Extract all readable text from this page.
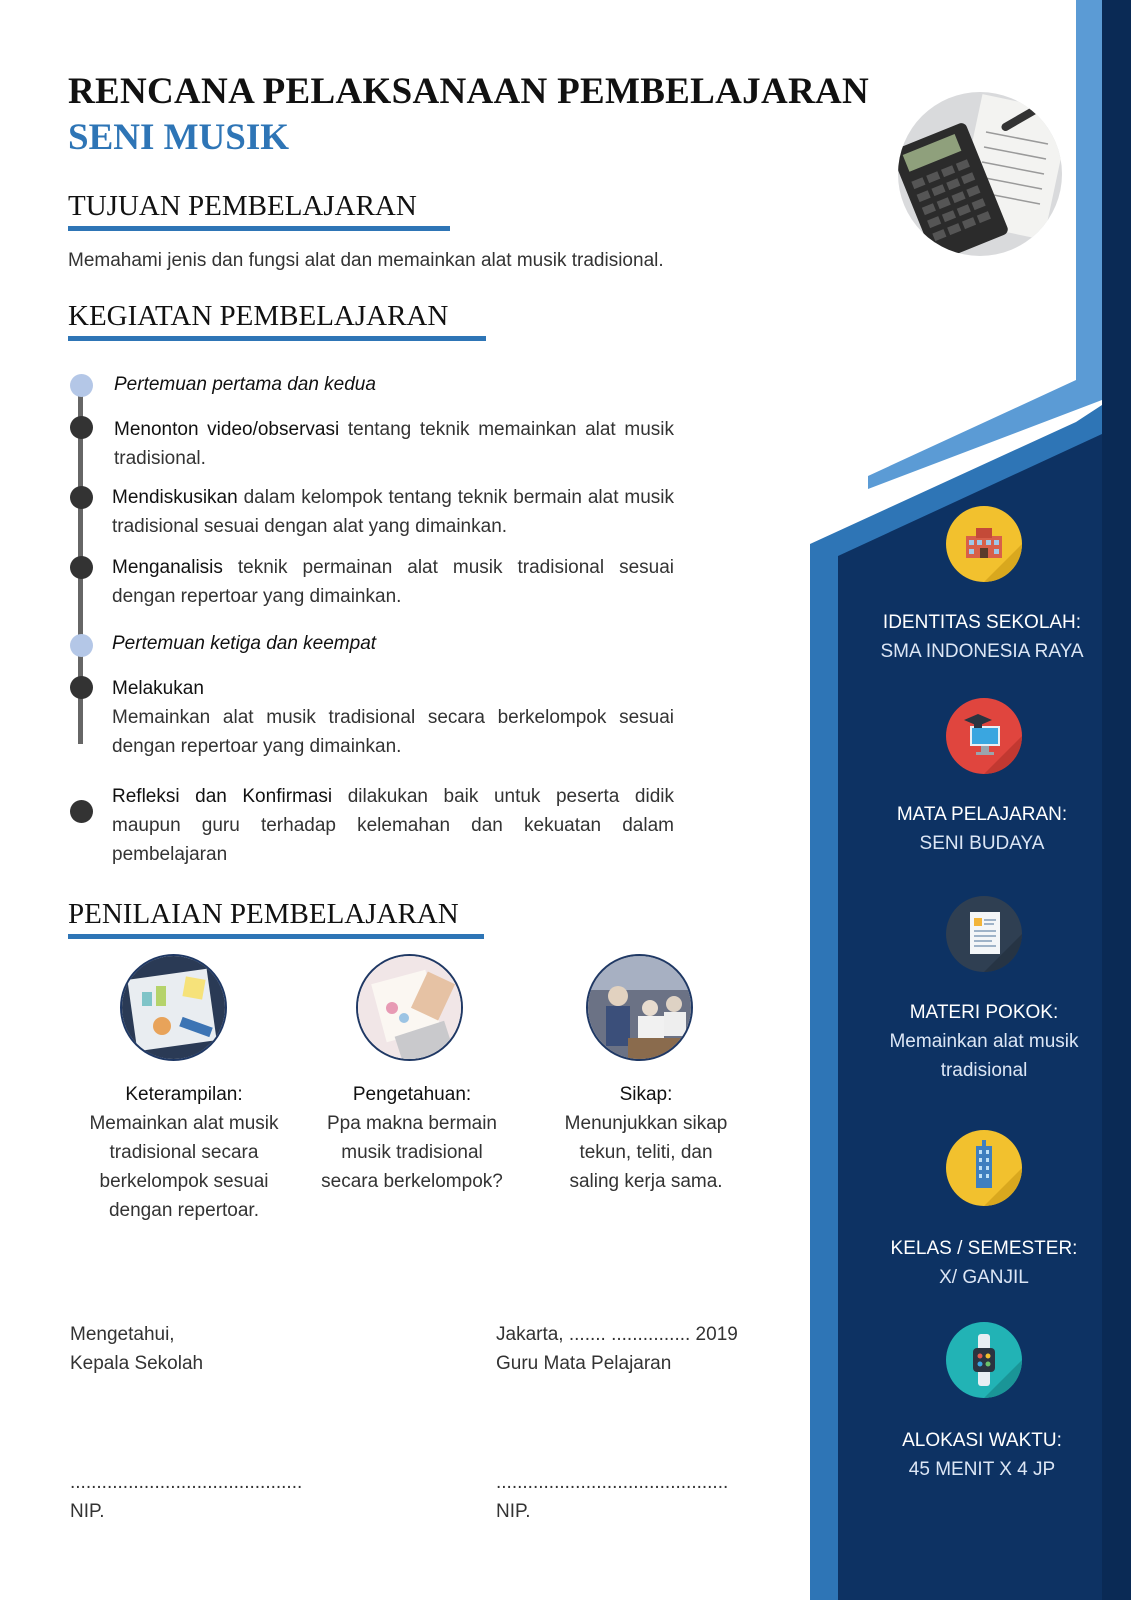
RENCANA PELAKSANAAN PEMBELAJARAN
SENI MUSIK
TUJUAN PEMBELAJARAN
Memahami jenis dan fungsi alat dan memainkan alat musik tradisional.
KEGIATAN PEMBELAJARAN
Pertemuan pertama dan kedua
Menonton video/observasi tentang teknik memainkan alat musik tradisional.
Mendiskusikan dalam kelompok tentang teknik bermain alat musik tradisional sesuai dengan alat yang dimainkan.
Menganalisis teknik permainan alat musik tradisional sesuai dengan repertoar yang dimainkan.
Pertemuan ketiga dan keempat
Melakukan
Memainkan alat musik tradisional secara berkelompok sesuai dengan repertoar yang dimainkan.
Refleksi dan Konfirmasi dilakukan baik untuk peserta didik maupun guru terhadap kelemahan dan kekuatan dalam pembelajaran
PENILAIAN PEMBELAJARAN
Keterampilan:
Memainkan alat musik
tradisional secara
berkelompok sesuai
dengan repertoar.
Pengetahuan:
Ppa makna bermain
musik tradisional
secara berkelompok?
Sikap:
Menunjukkan sikap
tekun, teliti, dan
saling kerja sama.
Mengetahui,
Kepala Sekolah
............................................
NIP.
Jakarta, ....... ............... 2019
Guru Mata Pelajaran
............................................
NIP.
IDENTITAS SEKOLAH:
SMA INDONESIA RAYA
MATA PELAJARAN:
SENI BUDAYA
MATERI POKOK:
Memainkan alat musik tradisional
KELAS / SEMESTER:
X/ GANJIL
ALOKASI WAKTU:
45 MENIT X 4 JP
